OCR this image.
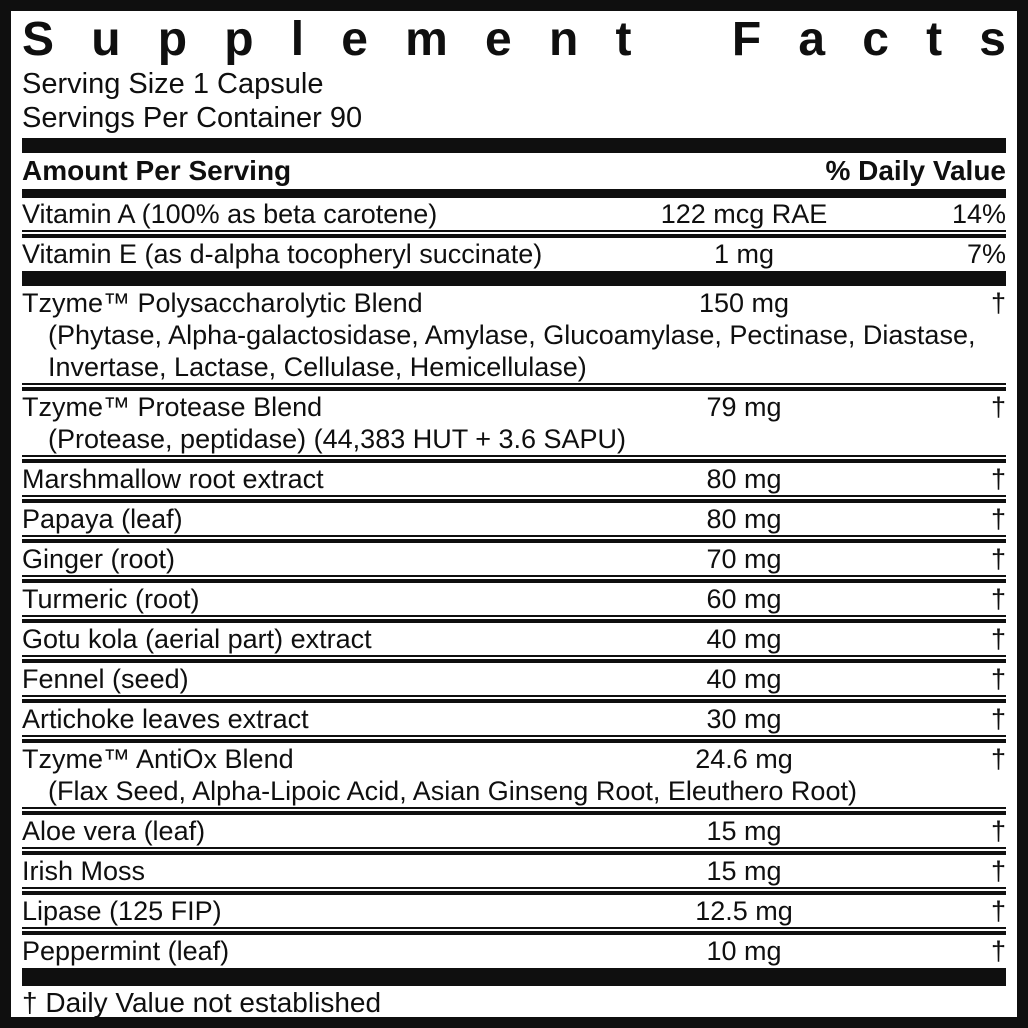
S u p p l e m e n t
F a c t s
Serving Size 1 Capsule
Servings Per Container 90
Amount Per Serving	% Daily Value
Vitamin A (100% as beta carotene)	122 mcg RAE	14%
Vitamin E (as d-alpha tocopheryl succinate)	1 mg	7%
Tzyme™ Polysaccharolytic Blend	150 mg	†
(Phytase, Alpha-galactosidase, Amylase, Glucoamylase, Pectinase, Diastase, Invertase, Lactase, Cellulase, Hemicellulase)
Tzyme™ Protease Blend	79 mg	†
(Protease, peptidase) (44,383 HUT + 3.6 SAPU)
Marshmallow root extract	80 mg	†
Papaya (leaf)	80 mg	†
Ginger (root)	70 mg	†
Turmeric (root)	60 mg	†
Gotu kola (aerial part) extract	40 mg	†
Fennel (seed)	40 mg	†
Artichoke leaves extract	30 mg	†
Tzyme™ AntiOx Blend	24.6 mg	†
(Flax Seed, Alpha-Lipoic Acid, Asian Ginseng Root, Eleuthero Root)
Aloe vera (leaf)	15 mg	†
Irish Moss	15 mg	†
Lipase (125 FIP)	12.5 mg	†
Peppermint (leaf)	10 mg	†
† Daily Value not established
